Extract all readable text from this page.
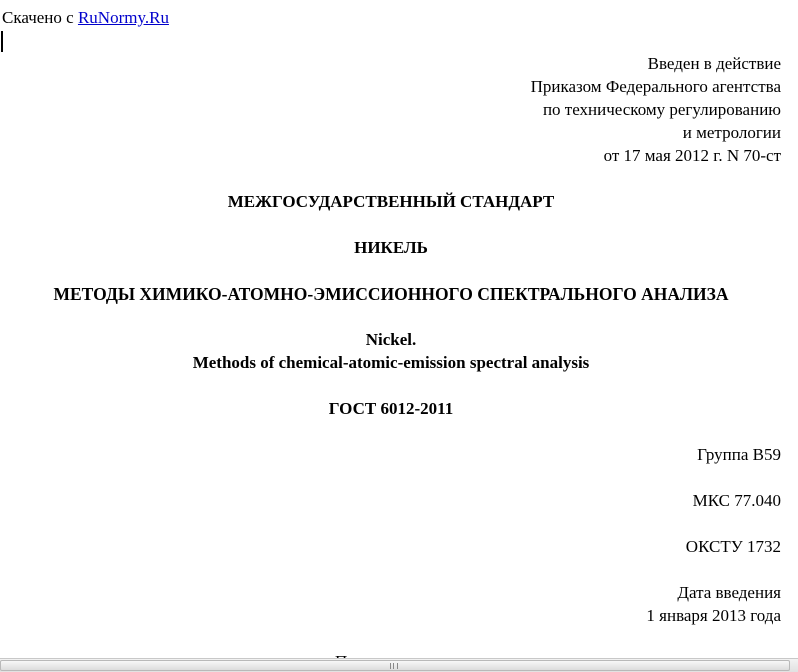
Скачено с RuNormy.Ru
Введен в действие
Приказом Федерального агентства
по техническому регулированию
и метрологии
от 17 мая 2012 г. N 70-ст
МЕЖГОСУДАРСТВЕННЫЙ СТАНДАРТ
НИКЕЛЬ
МЕТОДЫ ХИМИКО-АТОМНО-ЭМИССИОННОГО СПЕКТРАЛЬНОГО АНАЛИЗА
Nickel.
Methods of chemical-atomic-emission spectral analysis
ГОСТ 6012-2011
Группа B59
МКС 77.040
ОКСТУ 1732
Дата введения
1 января 2013 года
